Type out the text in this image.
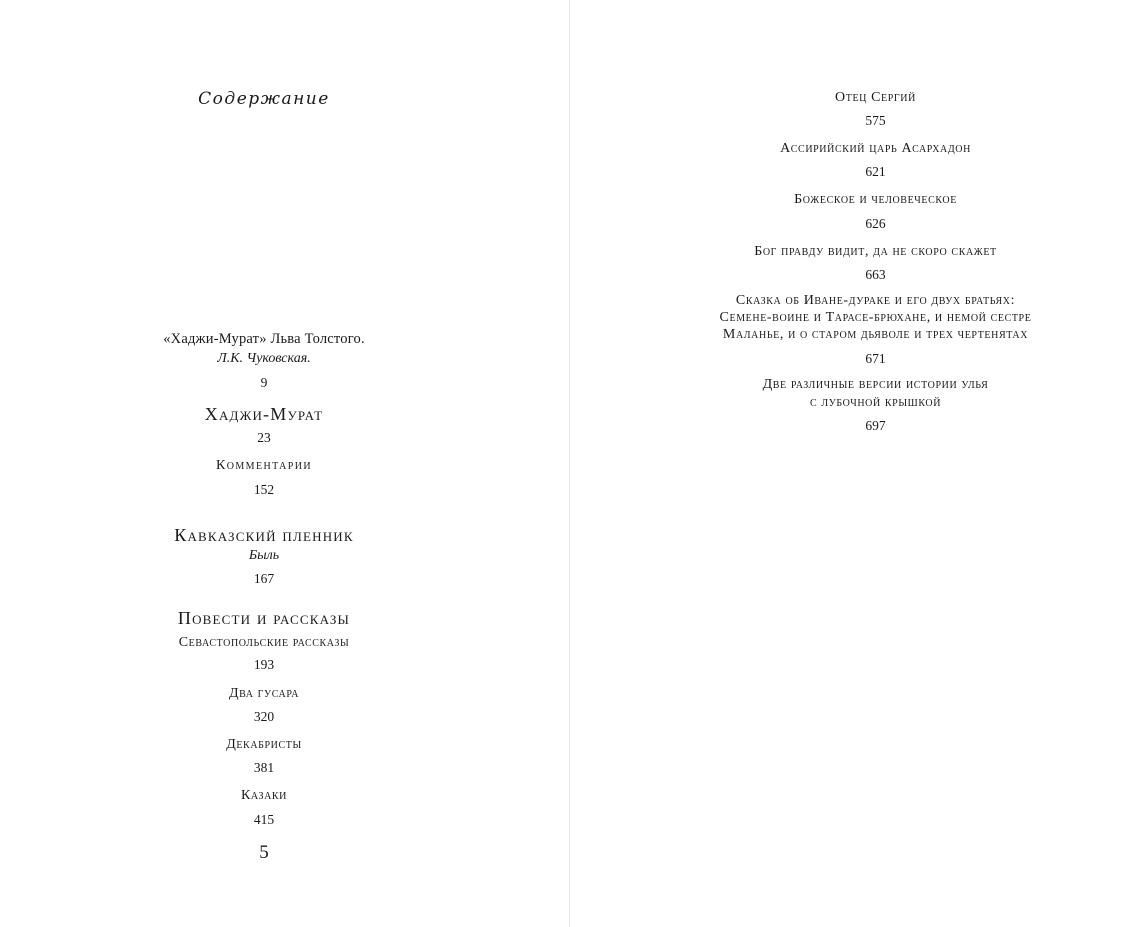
Содержание
«Хаджи-Мурат» Льва Толстого.
Л.К. Чуковская.
9
Хаджи-Мурат
23
Комментарии
152
Кавказский пленник
Быль
167
Повести и рассказы
Севастопольские рассказы
193
Два гусара
320
Декабристы
381
Казаки
415
5
Отец Сергий
575
Ассирийский царь Асархадон
621
Божеское и человеческое
626
Бог правду видит, да не скоро скажет
663
Сказка об Иване-дураке и его двух братьях:
Семене-воине и Тарасе-брюхане, и немой сестре
Маланье, и о старом дьяволе и трех чертенятах
671
Две различные версии истории улья
с лубочной крышкой
697
